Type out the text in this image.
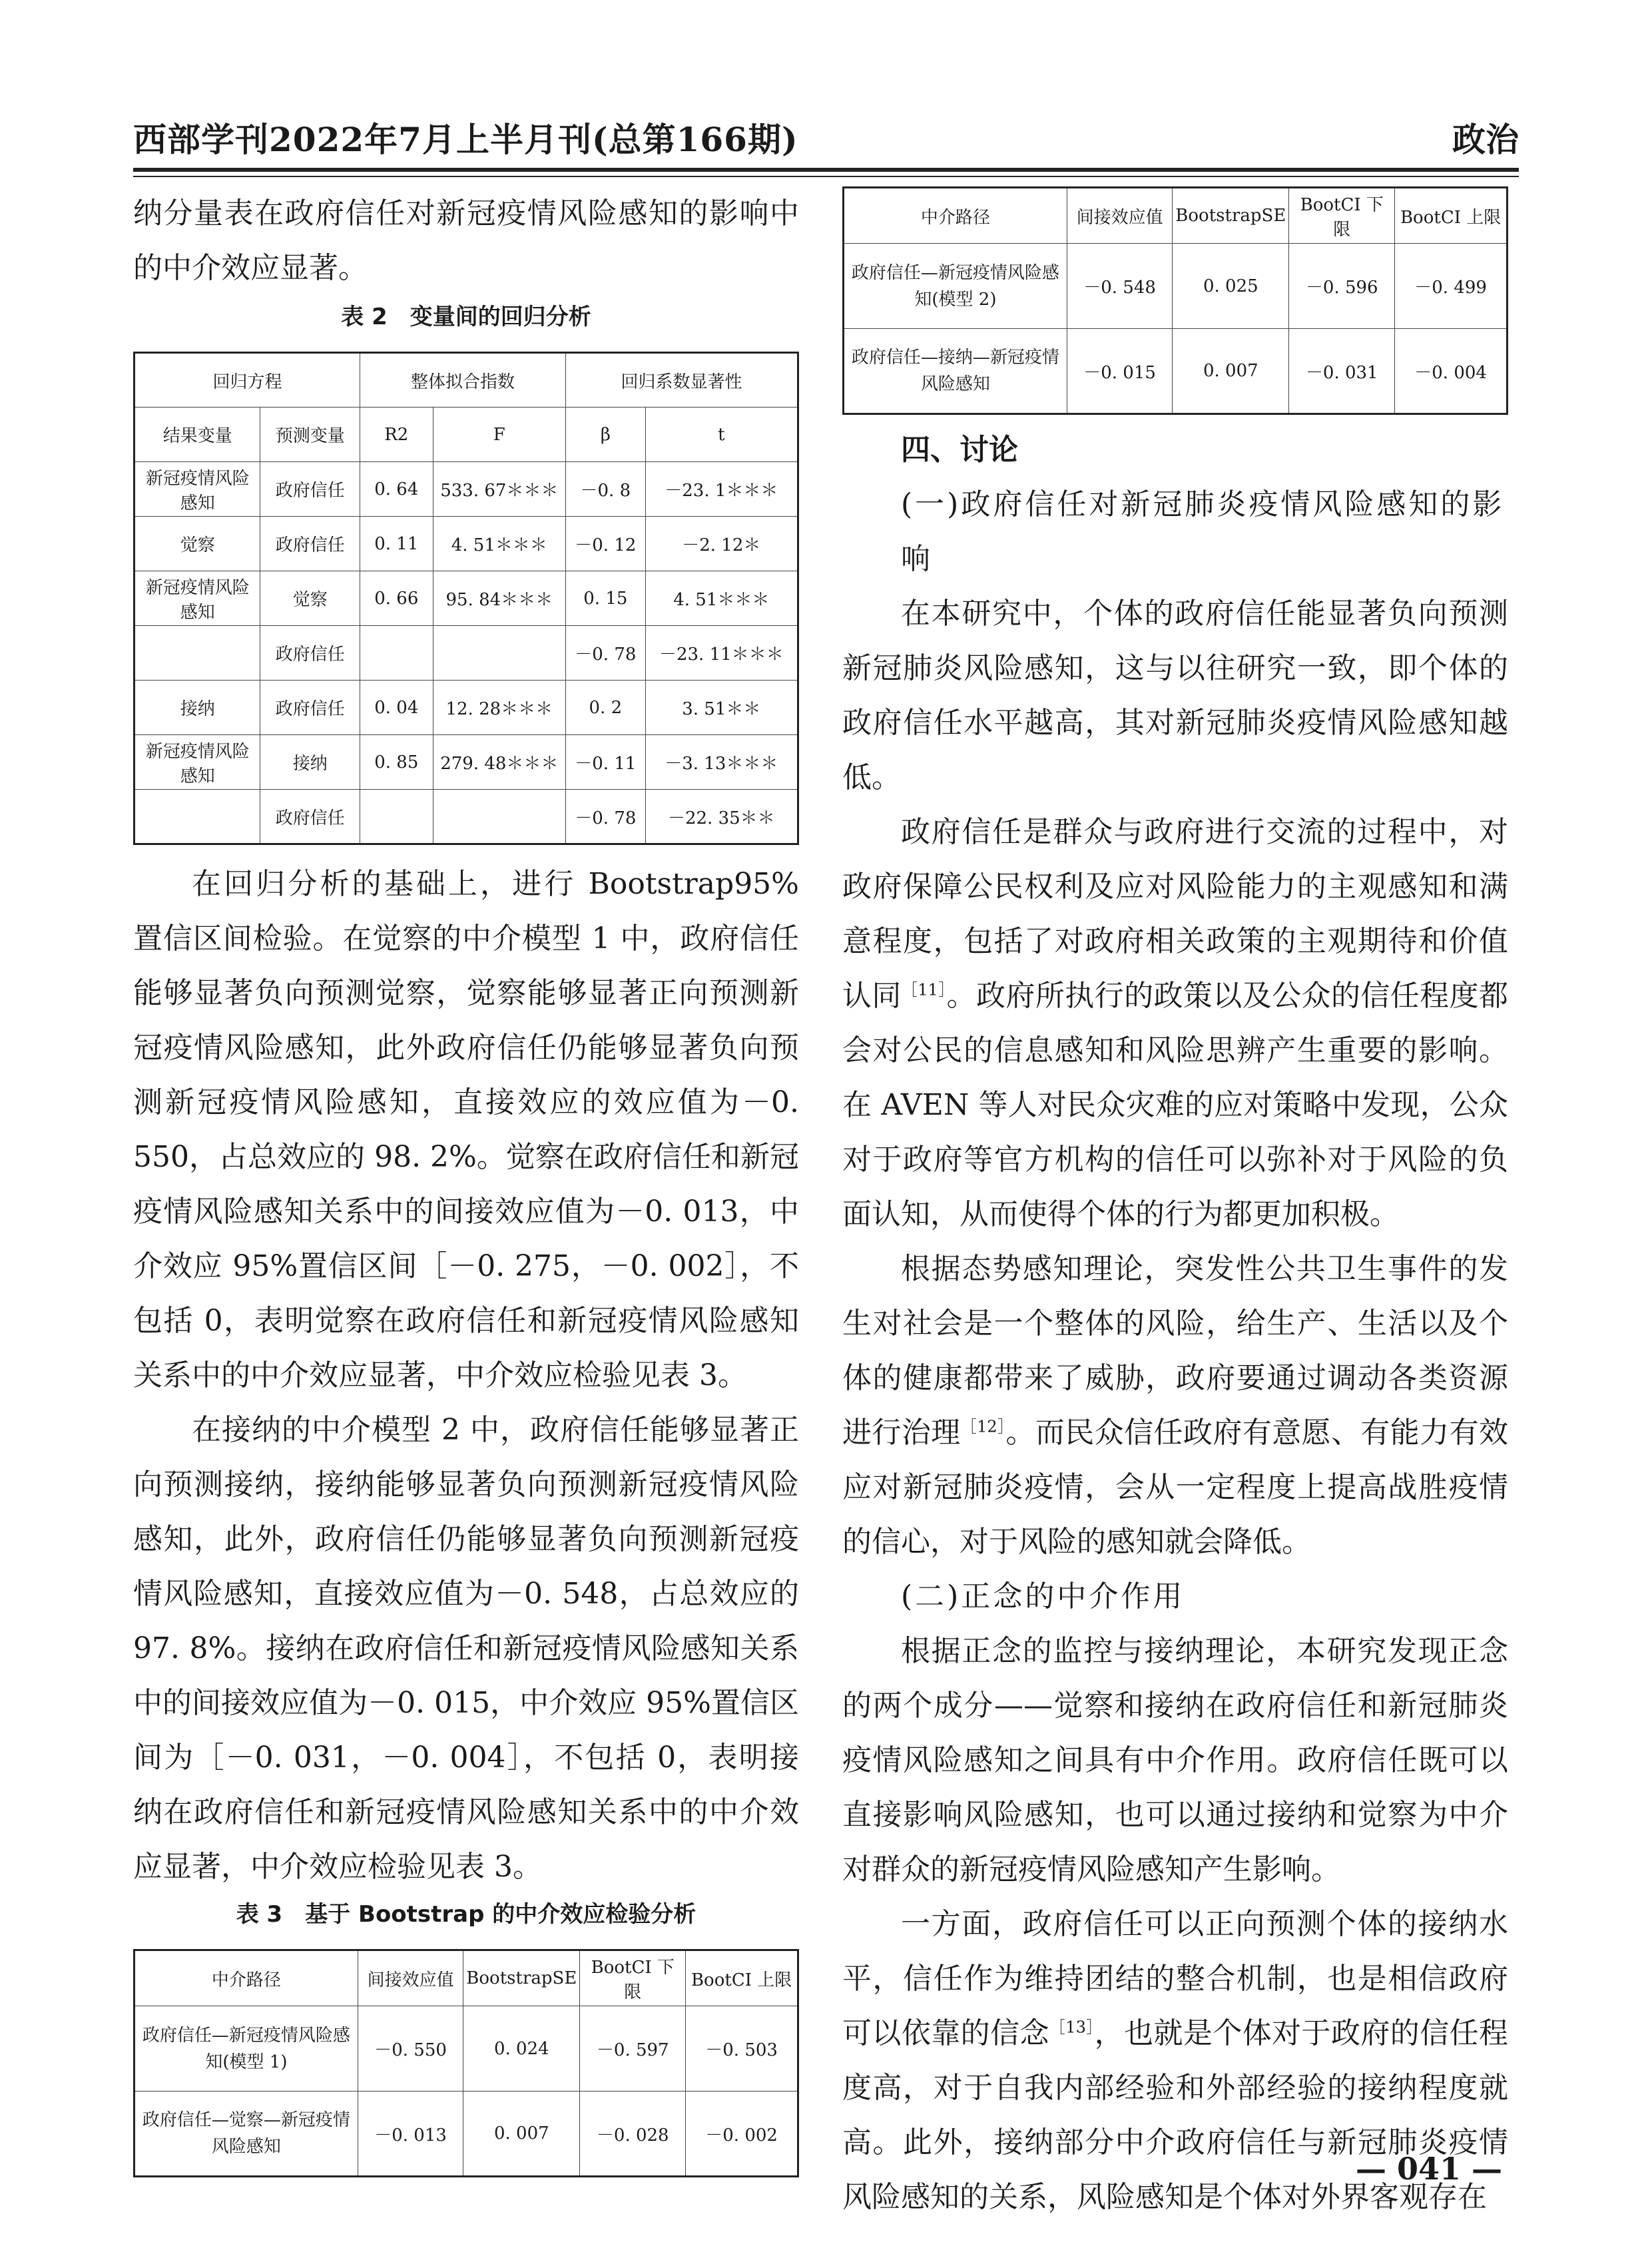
西部学刊2022年7月上半月刊(总第166期)	政治

纳分量表在政府信任对新冠疫情风险感知的影响中的中介效应显著。

表 2　变量间的回归分析
回归方程		整体拟合指数		回归系数显著性	
结果变量	预测变量	R2	F	β	t
新冠疫情风险感知	政府信任	0. 64	533. 67＊＊＊	－0. 8	－23. 1＊＊＊
觉察	政府信任	0. 11	4. 51＊＊＊	－0. 12	－2. 12＊
新冠疫情风险感知	觉察	0. 66	95. 84＊＊＊	0. 15	4. 51＊＊＊
	政府信任			－0. 78	－23. 11＊＊＊
接纳	政府信任	0. 04	12. 28＊＊＊	0. 2	3. 51＊＊
新冠疫情风险感知	接纳	0. 85	279. 48＊＊＊	－0. 11	－3. 13＊＊＊
	政府信任			－0. 78	－22. 35＊＊

在回归分析的基础上，进行 Bootstrap95% 置信区间检验。在觉察的中介模型 1 中，政府信任能够显著负向预测觉察，觉察能够显著正向预测新冠疫情风险感知，此外政府信任仍能够显著负向预测新冠疫情风险感知，直接效应的效应值为－0. 550，占总效应的 98. 2%。觉察在政府信任和新冠疫情风险感知关系中的间接效应值为－0. 013，中介效应 95%置信区间［－0. 275，－0. 002］，不包括 0，表明觉察在政府信任和新冠疫情风险感知关系中的中介效应显著，中介效应检验见表 3。

在接纳的中介模型 2 中，政府信任能够显著正向预测接纳，接纳能够显著负向预测新冠疫情风险感知，此外，政府信任仍能够显著负向预测新冠疫情风险感知，直接效应值为－0. 548，占总效应的 97. 8%。接纳在政府信任和新冠疫情风险感知关系中的间接效应值为－0. 015，中介效应 95%置信区间为［－0. 031，－0. 004］，不包括 0，表明接纳在政府信任和新冠疫情风险感知关系中的中介效应显著，中介效应检验见表 3。

表 3　基于 Bootstrap 的中介效应检验分析
中介路径	间接效应值	BootstrapSE	BootCI 下限	BootCI 上限
政府信任—新冠疫情风险感知(模型 1)	－0. 550	0. 024	－0. 597	－0. 503
政府信任—觉察—新冠疫情风险感知	－0. 013	0. 007	－0. 028	－0. 002
中介路径	间接效应值	BootstrapSE	BootCI 下限	BootCI 上限
政府信任—新冠疫情风险感知(模型 2)	－0. 548	0. 025	－0. 596	－0. 499
政府信任—接纳—新冠疫情风险感知	－0. 015	0. 007	－0. 031	－0. 004
四、讨论
(一)政府信任对新冠肺炎疫情风险感知的影响

在本研究中，个体的政府信任能显著负向预测新冠肺炎风险感知，这与以往研究一致，即个体的政府信任水平越高，其对新冠肺炎疫情风险感知越低。

政府信任是群众与政府进行交流的过程中，对政府保障公民权利及应对风险能力的主观感知和满意程度，包括了对政府相关政策的主观期待和价值认同$^{[11]}$。政府所执行的政策以及公众的信任程度都会对公民的信息感知和风险思辨产生重要的影响。在 AVEN 等人对民众灾难的应对策略中发现，公众对于政府等官方机构的信任可以弥补对于风险的负面认知，从而使得个体的行为都更加积极。

根据态势感知理论，突发性公共卫生事件的发生对社会是一个整体的风险，给生产、生活以及个体的健康都带来了威胁，政府要通过调动各类资源进行治理$^{[12]}$。而民众信任政府有意愿、有能力有效应对新冠肺炎疫情，会从一定程度上提高战胜疫情的信心，对于风险的感知就会降低。

(二)正念的中介作用

根据正念的监控与接纳理论，本研究发现正念的两个成分——觉察和接纳在政府信任和新冠肺炎疫情风险感知之间具有中介作用。政府信任既可以直接影响风险感知，也可以通过接纳和觉察为中介对群众的新冠疫情风险感知产生影响。

一方面，政府信任可以正向预测个体的接纳水平，信任作为维持团结的整合机制，也是相信政府可以依靠的信念$^{[13]}$，也就是个体对于政府的信任程度高，对于自我内部经验和外部经验的接纳程度就高。此外，接纳部分中介政府信任与新冠肺炎疫情风险感知的关系，风险感知是个体对外界客观存在

— 041 —
